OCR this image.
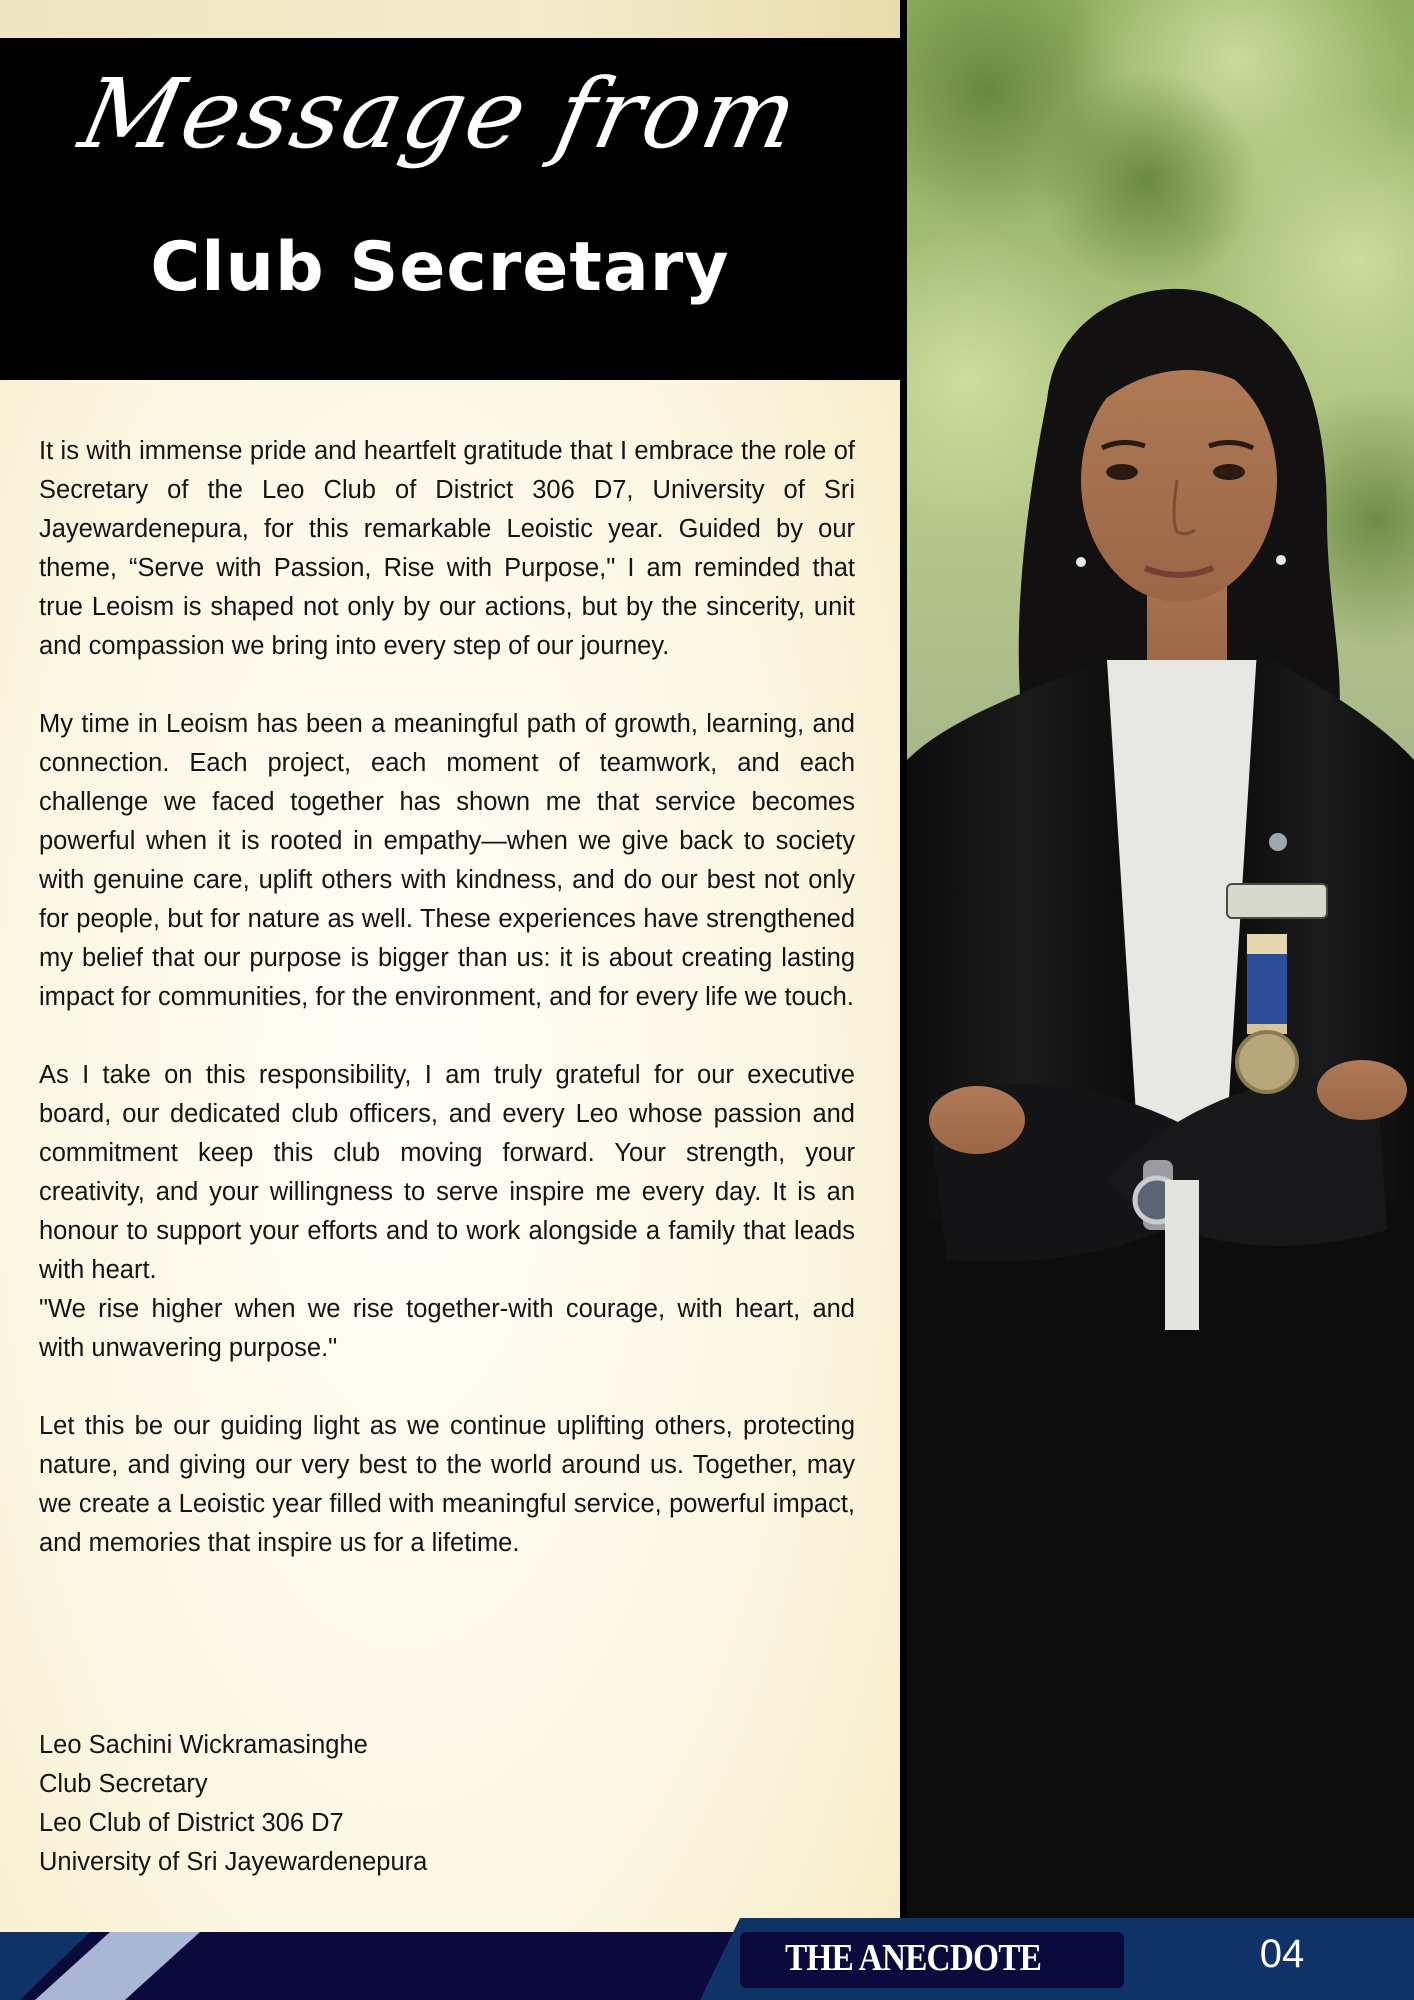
Message from
Club Secretary

It is with immense pride and heartfelt gratitude that I embrace the role of Secretary of the Leo Club of District 306 D7, University of Sri Jayewardenepura, for this remarkable Leoistic year. Guided by our theme, “Serve with Passion, Rise with Purpose," I am reminded that true Leoism is shaped not only by our actions, but by the sincerity, unit and compassion we bring into every step of our journey.

My time in Leoism has been a meaningful path of growth, learning, and connection. Each project, each moment of teamwork, and each challenge we faced together has shown me that service becomes powerful when it is rooted in empathy—when we give back to society with genuine care, uplift others with kindness, and do our best not only for people, but for nature as well. These experiences have strengthened my belief that our purpose is bigger than us: it is about creating lasting impact for communities, for the environment, and for every life we touch.

As I take on this responsibility, I am truly grateful for our executive board, our dedicated club officers, and every Leo whose passion and commitment keep this club moving forward. Your strength, your creativity, and your willingness to serve inspire me every day. It is an honour to support your efforts and to work alongside a family that leads with heart.

"We rise higher when we rise together-with courage, with heart, and with unwavering purpose."

Let this be our guiding light as we continue uplifting others, protecting nature, and giving our very best to the world around us. Together, may we create a Leoistic year filled with meaningful service, powerful impact, and memories that inspire us for a lifetime.

Leo Sachini Wickramasinghe
Club Secretary
Leo Club of District 306 D7
University of Sri Jayewardenepura
THE ANECDOTE	04
